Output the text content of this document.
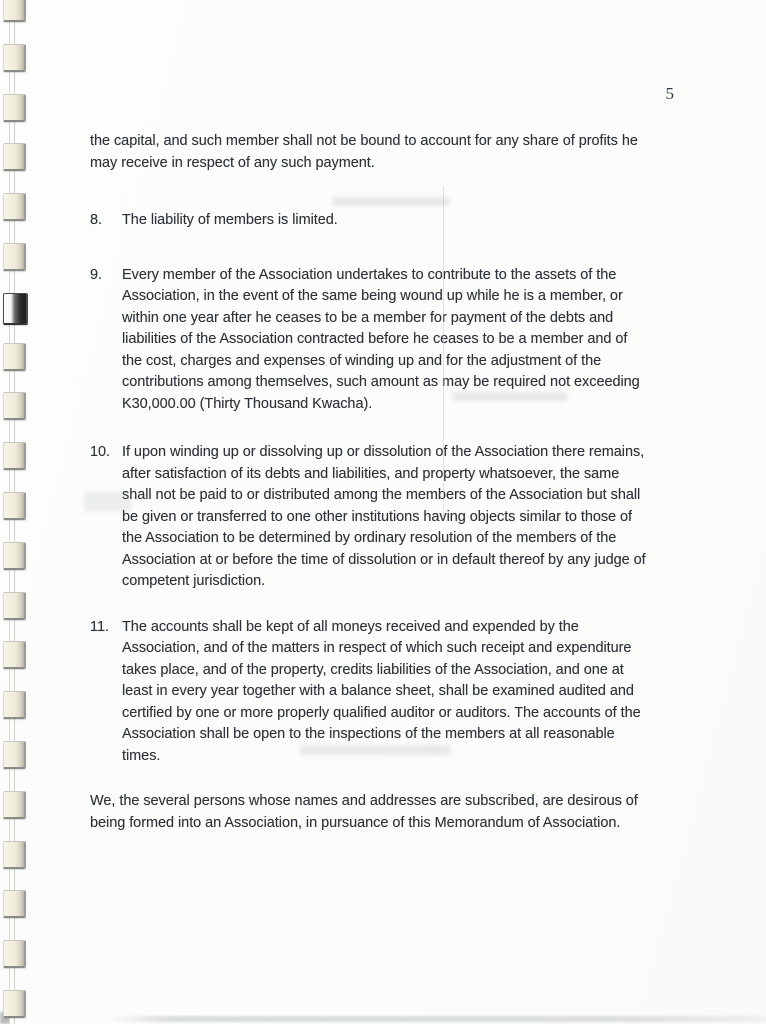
5
the capital, and such member shall not be bound to account for any share of profits he
may receive in respect of any such payment.
8.	The liability of members is limited.
9.	Every member of the Association undertakes to contribute to the assets of the
Association, in the event of the same being wound up while he is a member, or
within one year after he ceases to be a member for payment of the debts and
liabilities of the Association contracted before he ceases to be a member and of
the cost, charges and expenses of winding up and for the adjustment of the
contributions among themselves, such amount as may be required not exceeding
K30,000.00 (Thirty Thousand Kwacha).
10. If upon winding up or dissolving up or dissolution of the Association there remains,
after satisfaction of its debts and liabilities, and property whatsoever, the same
shall not be paid to or distributed among the members of the Association but shall
be given or transferred to one other institutions having objects similar to those of
the Association to be determined by ordinary resolution of the members of the
Association at or before the time of dissolution or in default thereof by any judge of
competent jurisdiction.
11. The accounts shall be kept of all moneys received and expended by the
Association, and of the matters in respect of which such receipt and expenditure
takes place, and of the property, credits liabilities of the Association, and one at
least in every year together with a balance sheet, shall be examined audited and
certified by one or more properly qualified auditor or auditors. The accounts of the
Association shall be open to the inspections of the members at all reasonable
times.
We, the several persons whose names and addresses are subscribed, are desirous of
being formed into an Association, in pursuance of this Memorandum of Association.
